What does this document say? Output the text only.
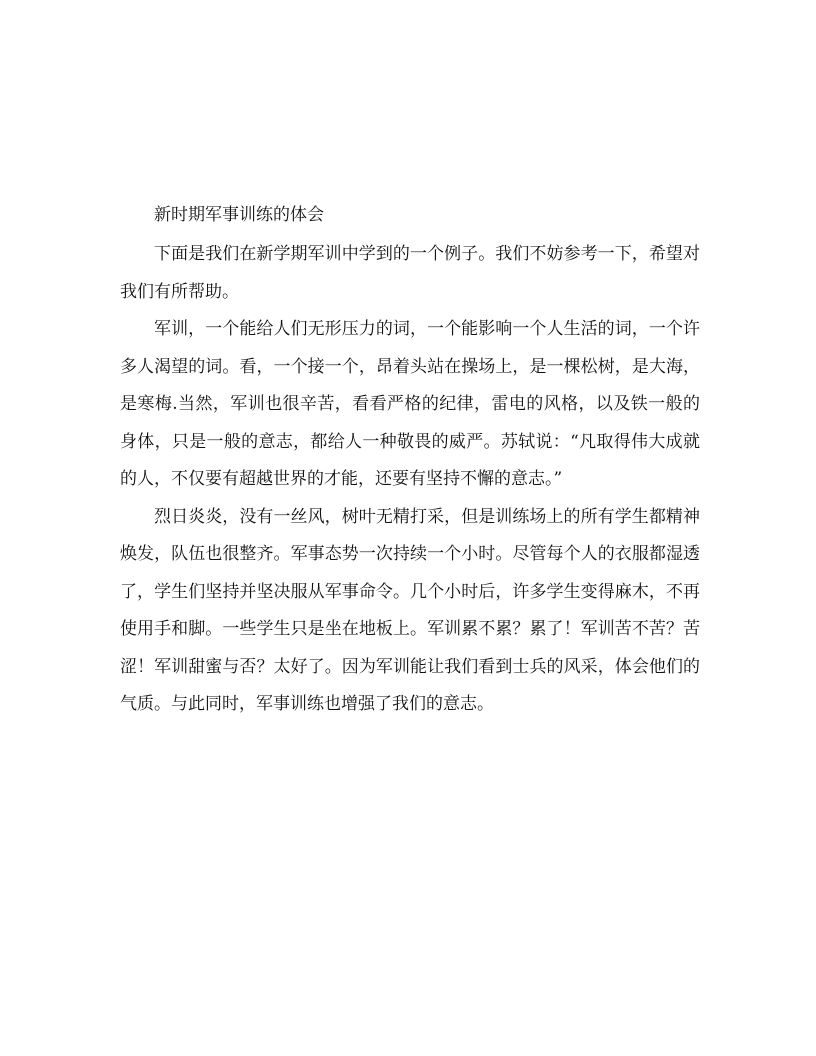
新时期军事训练的体会

下面是我们在新学期军训中学到的一个例子。我们不妨参考一下，希望对我们有所帮助。

军训，一个能给人们无形压力的词，一个能影响一个人生活的词，一个许多人渴望的词。看，一个接一个，昂着头站在操场上，是一棵松树，是大海，是寒梅.当然，军训也很辛苦，看看严格的纪律，雷电的风格，以及铁一般的身体，只是一般的意志，都给人一种敬畏的威严。苏轼说：“凡取得伟大成就的人，不仅要有超越世界的才能，还要有坚持不懈的意志。”

烈日炎炎，没有一丝风，树叶无精打采，但是训练场上的所有学生都精神焕发，队伍也很整齐。军事态势一次持续一个小时。尽管每个人的衣服都湿透了，学生们坚持并坚决服从军事命令。几个小时后，许多学生变得麻木，不再使用手和脚。一些学生只是坐在地板上。军训累不累？累了！军训苦不苦？苦涩！军训甜蜜与否？太好了。因为军训能让我们看到士兵的风采，体会他们的气质。与此同时，军事训练也增强了我们的意志。
